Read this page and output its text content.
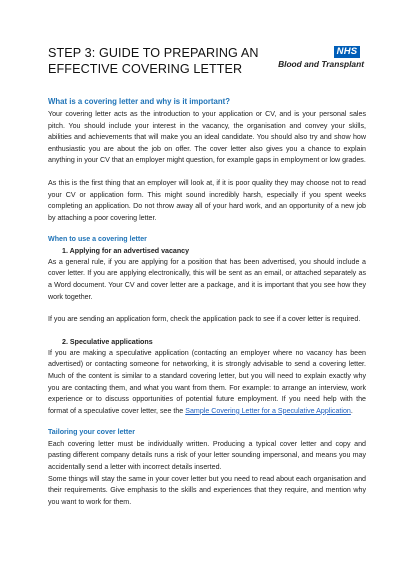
STEP 3: GUIDE TO PREPARING AN
EFFECTIVE COVERING LETTER
NHS
Blood and Transplant
What is a covering letter and why is it important?
Your covering letter acts as the introduction to your application or CV, and is your personal sales pitch. You should include your interest in the vacancy, the organisation and convey your skills, abilities and achievements that will make you an ideal candidate. You should also try and show how enthusiastic you are about the job on offer. The cover letter also gives you a chance to explain anything in your CV that an employer might question, for example gaps in employment or low grades.
As this is the first thing that an employer will look at, if it is poor quality they may choose not to read your CV or application form. This might sound incredibly harsh, especially if you spent weeks completing an application. Do not throw away all of your hard work, and an opportunity of a new job by attaching a poor covering letter.
When to use a covering letter
1. Applying for an advertised vacancy
As a general rule, if you are applying for a position that has been advertised, you should include a cover letter. If you are applying electronically, this will be sent as an email, or attached separately as a Word document. Your CV and cover letter are a package, and it is important that you see how they work together.
If you are sending an application form, check the application pack to see if a cover letter is required.
2. Speculative applications
If you are making a speculative application (contacting an employer where no vacancy has been advertised) or contacting someone for networking, it is strongly advisable to send a covering letter. Much of the content is similar to a standard covering letter, but you will need to explain exactly why you are contacting them, and what you want from them. For example: to arrange an interview, work experience or to discuss opportunities of potential future employment. If you need help with the format of a speculative cover letter, see the Sample Covering Letter for a Speculative Application.
Tailoring your cover letter
Each covering letter must be individually written. Producing a typical cover letter and copy and pasting different company details runs a risk of your letter sounding impersonal, and means you may accidentally send a letter with incorrect details inserted.
Some things will stay the same in your cover letter but you need to read about each organisation and their requirements. Give emphasis to the skills and experiences that they require, and mention why you want to work for them.
